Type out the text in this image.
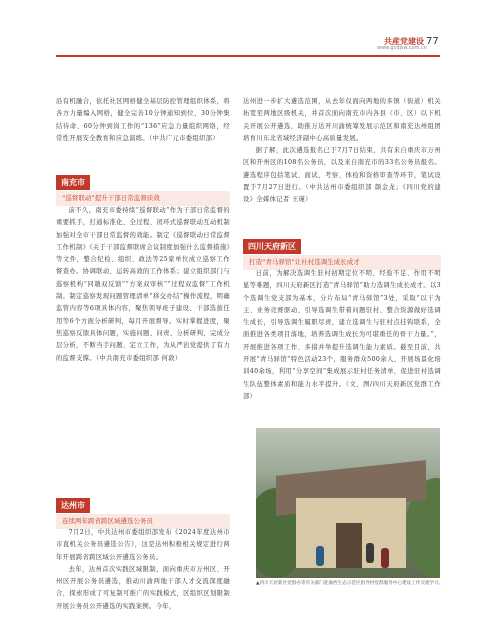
共産党建设
www.gcdjsw.com.cn
77

沿有机融合，依托社区网格健全基层防控管理组织体系，将各方力量编入网格，健全完善10分钟通知到位、30分钟集结待命、60分钟到岗工作的“136”应急力量组织网络，经常性开展安全教育和应急演练。（中共广元市委组织部）

南充市
“巡督联动”提升干部日常监督质效

前不久，南充市委持续“巡督联动”作为干部日常监督的重要抓手，打通标准化、全过程、闭环式巡督联动互动机制加强对全市干部日常监督的效能。制定《巡督联动日常监督工作机制》《关于干部监督联席会议制度加强什么监督措施》等文件，整合纪检、组织、政法等25家单位成立巡察工作督查办。协调联动、运转高效的工作体系；建立组织部门与巡察机构“同趟双反馈”“方案双审核”“过程双监督”工作机制。制定巡察发现问题管理清单“移交办结”操作流程，明确监管内容等6项具体内容，聚焦领导班子建设、干部选拔任用等6个方面分析研判，每月开展督导。实时掌握进度，聚焦巡察反馈具体问题，实施问题、问责、分析研判、完成分层分析，不断当手问题、定立工作，为从严治党提供了有力的监督支撑。（中共南充市委组织部 何敦）

达州市
连续两年跨省跨区域遴选公务员

7月2日，中共达州市委组织部发布《2024年度达州市市直机关公务员遴选公告》，这是达州积极相关规定进行两年开展跨省跨区域公开遴选公务员。

去年，达州首次实践区域限制，面向重庆市万州区、开州区开展公务员遴选，推动川渝两地干部人才交流深度融合，探索形成了可复制可推广的实践模式，区组织区划限制开展公务员公开遴选的实践案例。今年，

达州进一步扩大遴选范围，从去年仅面向两地的多镇（街道）机关拓宽至两地区级机关，并首次面向南充市内各县（市、区）以下机关开展公开遴选，助推万达开川渝统筹发展示范区和南充达州组团培育川东北省域经济副中心高质量发展。

据了解，此次遴选报名已于7月7日结束，共有来自重庆市万州区和开州区的108名公务员，以及来自南充市的33名公务员报名。遴选程序包括笔试、面试、考察、体检和资格审查等环节，笔试设置于7月27日进行。（中共达州市委组织部 颜金龙；《四川党的建设》全媒体记者 王瑾）

四川天府新区
打造“青马驿馆”让社村选调生成长成才

日前，为解决选调生驻村初期定位不明、经验不足、作用不明显等难题，四川天府新区打造“青马驿馆”助力选调生成长成才。以3个选调生党支部为基本，分片布局“青马驿馆”3处，采取“以干为主、业务竞赛驱动、引导选调生带着问题驻村、整合资源做好选调生成长，引导选调生履职尽责，建立选调生与驻村点挂钩联系，全面推进各类项目落地，培养选调生成长为可堪重任的骨干力量。”，开展推进各项工作、多措并举提升选调生能力素质。截至目前，共开展“青马驿馆”特色活动23个，服务群众500余人，开展场景化培训40余场，利用“分享空间”集成展示驻村任务清单，促进驻村选调生队伍整体素质和能力水平提升。（文、图/四川天府新区党群工作部）

▲四川天府新区党群办等有关部门赴渝西生态示范区指导村党群服务中心建设工作交流学习。
